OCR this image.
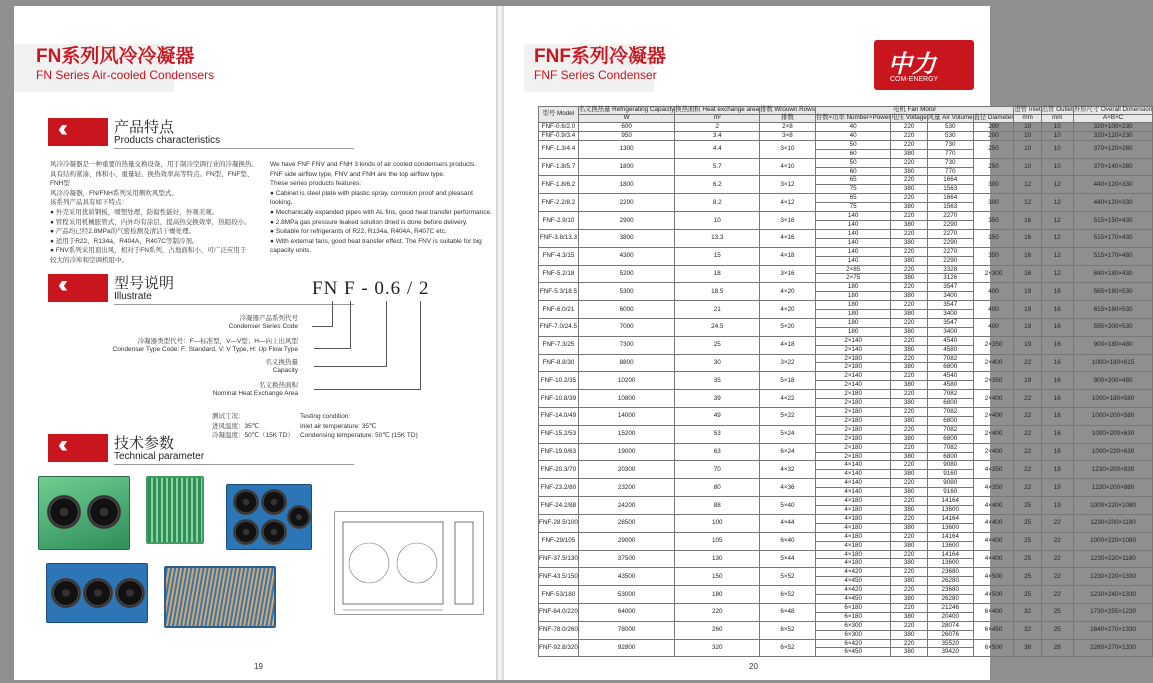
FN系列风冷冷凝器
FN Series Air-cooled Condensers
产品特点
Products characteristics
风冷冷凝器是一种重要的热量交换设备，用于制冷空调行业的冷凝换热。
具有结构紧凑、体积小、重量轻、换热效率高等特点。FN型、FNF型、FNH型
风冷冷凝器，FN/FNH系列采用侧吹风型式。
该系列产品具有如下特点：
● 外壳采用优质钢板，喷塑处理，防腐性能好，外观美观。
● 管程采用机械胀管式，内外均有涂层，提高热交换效率，热阻较小。
● 产品均已经2.8MPa的气密检测及清洁干燥处理。
● 适用于R22、R134a、R404A、R407C等制冷剂。
● FNV系列采用顶出风，相对于FN系列，占地面积小，可广泛应用于
较大的冷库和空调机组中。
We have FNF FNV and FNH 3 kinds of air cooled condensers products.
FNF side airflow type, FNV and FNH are the top airflow type.
These series products features:
● Cabinet is steel plate with plastic spray, corrosion proof and pleasant looking.
● Mechanically expanded pipes with AL fins, good heat transfer performance.
● 2.8MPa gas pressure leaked solution dried is done before delivery.
● Suitable for refrigerants of R22, R134a, R404A, R407C etc.
● With external fans, good heat transfer effect. The FNV is suitable for big
capacity units.
型号说明
Illustrate	FN F - 0.6 / 2
冷凝器产品系列代号
Condenser Series Code
冷凝器类型代号：F—标准型，V—V型；H—向上出风型
Condenser Type Code: F: Standard, V: V Type, H: Up Flow Type
名义换热量
Capacity
名义换热面积
Nominal Heat Exchange Area
测试工况：
进风温度：35℃
冷凝温度：50℃（15K TD）
Testing condition:
Inlet air temperature: 35℃
Condensing temperature: 50℃ (15K TD)
技术参数
Technical parameter
19
FNF系列冷凝器
FNF Series Condenser	中力
COM-ENERGY
型号 Model	名义换热量 Refrigerating Capacity	换热面积 Heat exchange area	排数 Wrouwn Rows	电机 Fan Motor				进管 Inlet	出管 Outlet	外形尺寸 Overall Dimension
	W	m²	排数	台数×功率 Number×Power	电压 Voltage	风量 Air Volume	直径 Diameter	mm	mm	A×B×C
FNF-0.6/2.0	600	2	2×8	40	220	530	200	10	10	320×100×230
FNF-0.9/3.4	950	3.4	3×8	40	220	530	200	10	10	320×120×230
FNF-1.3/4.4	1300	4.4	3×10	50	220	730	250	10	10	370×120×280
				60	380	770				
FNF-1.8/5.7	1800	5.7	4×10	50	220	730	250	10	10	370×140×280
				60	380	770				
FNF-1.8/6.2	1800	6.2	3×12	65	220	1664	300	12	12	440×120×330
				75	380	1563				
FNF-2.2/8.2	2200	8.2	4×12	65	220	1664	300	12	12	440×120×330
				75	380	1563				
FNF-2.9/10	2900	10	3×16	140	220	2270	350	16	12	515×150×430
				140	380	2290				
FNF-3.8/13.3	3800	13.3	4×16	140	220	2270	350	16	12	515×170×430
				140	380	2290				
FNF-4.3/15	4300	15	4×18	140	220	2270	350	16	12	515×170×480
				140	380	2290				
FNF-5.2/18	5200	18	3×16	2×85	220	3328	2×300	16	12	840×180×430
				2×75	380	3126				
FNF-5.3/18.5	5300	18.5	4×20	180	220	3547	400	19	16	565×180×530
				180	380	3400				
FNF-6.0/21	6000	21	4×20	180	220	3547	400	19	16	615×180×530
				180	380	3400				
FNF-7.0/24.5	7000	24.5	5×20	180	220	3547	400	19	16	595×200×530
				180	380	3400				
FNF-7.3/25	7300	25	4×18	2×140	220	4540	2×350	19	16	900×180×480
				2×140	380	4580				
FNF-8.8/30	8800	30	3×22	2×180	220	7082	2×400	22	16	1000×180×615
				2×180	380	6800				
FNF-10.2/35	10200	35	5×18	2×140	220	4540	2×350	19	16	900×200×480
				2×140	380	4580				
FNF-10.8/39	10800	39	4×22	2×180	220	7082	2×400	22	16	1000×180×580
				2×180	380	6800				
FNF-14.0/49	14000	49	5×22	2×180	220	7082	2×400	22	16	1000×200×580
				2×180	380	6800				
FNF-15.2/53	15200	53	5×24	2×180	220	7082	2×400	22	16	1000×200×630
				2×180	380	6800				
FNF-19.0/63	19000	63	6×24	2×180	220	7082	2×400	22	16	1000×220×630
				2×180	380	6800				
FNF-20.3/70	20300	70	4×32	4×140	220	9080	4×350	22	19	1230×200×830
				4×140	380	9160				
FNF-23.2/80	23200	80	4×36	4×140	220	9080	4×350	22	19	1230×200×880
				4×140	380	9160				
FNF-24.2/88	24200	88	5×40	4×180	220	14164	4×400	25	19	1000×220×1080
				4×180	380	13600				
FNF-28.5/100	28500	100	4×44	4×180	220	14164	4×400	25	22	1230×200×1180
				4×180	380	13600				
FNF-29/105	29000	105	6×40	4×180	220	14164	4×400	25	22	1000×220×1080
				4×180	380	13600				
FNF-37.5/130	37500	130	5×44	4×180	220	14164	4×400	25	22	1230×220×1180
				4×180	380	13600				
FNF-43.5/150	43500	150	5×52	4×420	220	23680	4×500	25	22	1230×220×1330
				4×450	380	26280				
FNF-53/180	53000	180	6×52	4×420	220	23680	4×500	25	22	1230×240×1330
				4×450	380	26280				
FNF-64.0/220	64000	220	6×48	6×180	220	21246	6×400	32	25	1730×255×1230
				6×180	380	20400				
FNF-78.0/260	78000	260	6×52	6×300	220	28074	6×450	32	25	1840×270×1330
				6×300	380	26076				
FNF-92.8/320	92800	320	6×52	6×420	220	35520	6×500	38	28	2280×270×1330
				6×450	380	39420				
20
